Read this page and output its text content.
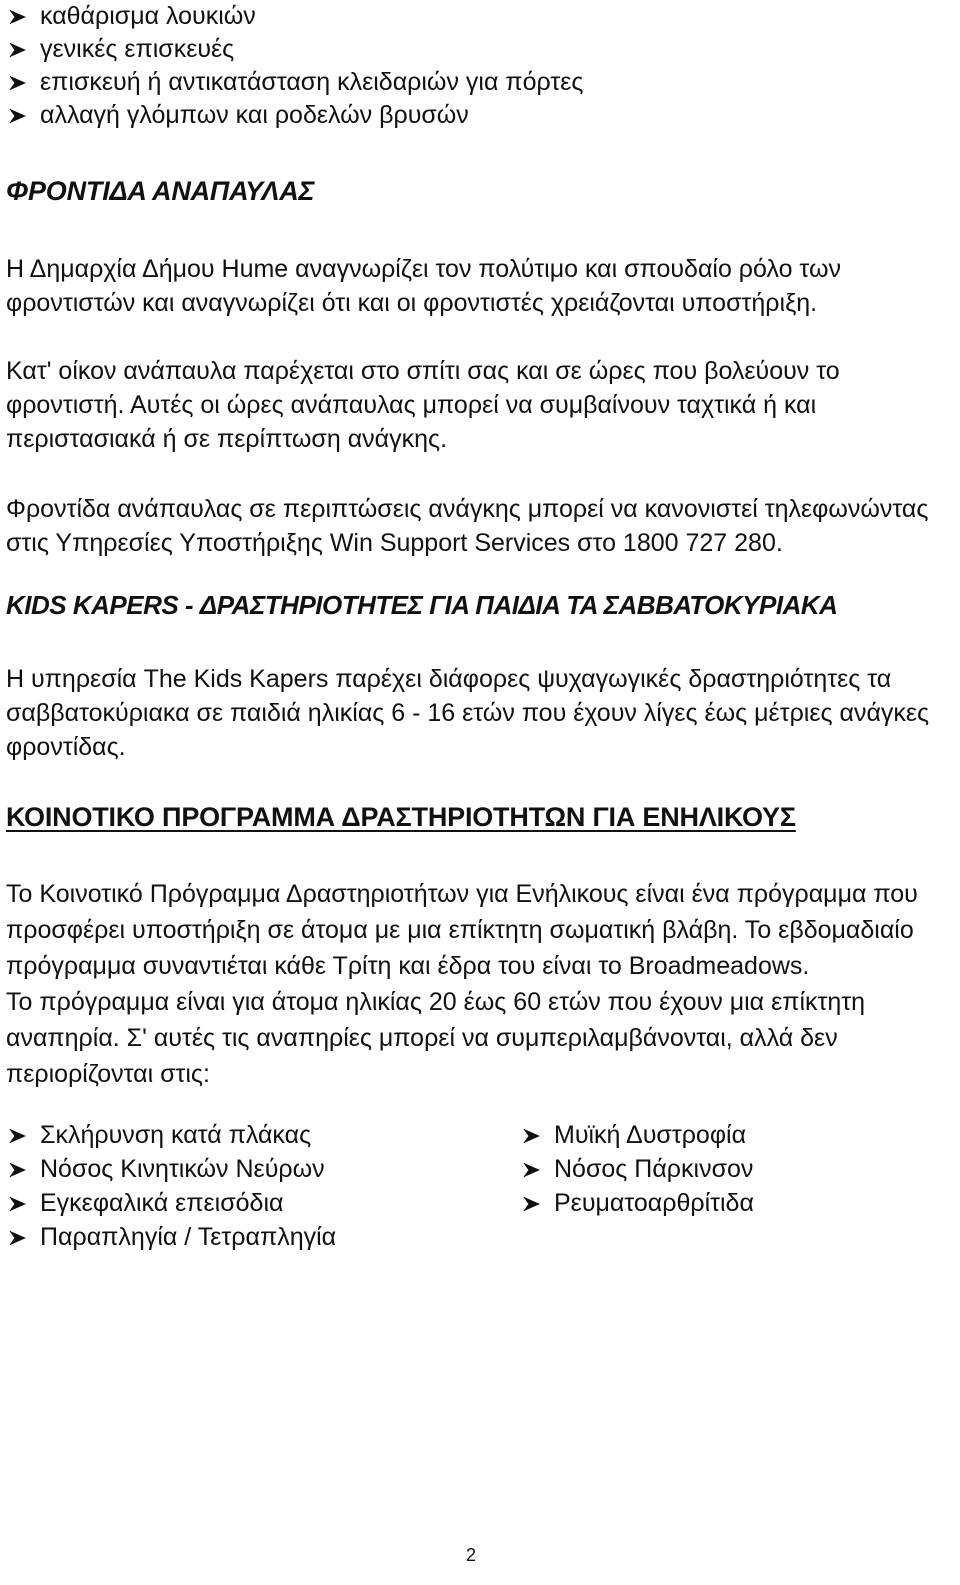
καθάρισμα λουκιών
γενικές επισκευές
επισκευή ή αντικατάσταση κλειδαριών για πόρτες
αλλαγή γλόμπων και ροδελών βρυσών
ΦΡΟΝΤΙΔΑ ΑΝΑΠΑΥΛΑΣ

Η Δημαρχία Δήμου Hume αναγνωρίζει τον πολύτιμο και σπουδαίο ρόλο των

φροντιστών και αναγνωρίζει ότι και οι φροντιστές χρειάζονται υποστήριξη.

Κατ' οίκον ανάπαυλα παρέχεται στο σπίτι σας και σε ώρες που βολεύουν το

φροντιστή. Αυτές οι ώρες ανάπαυλας μπορεί να συμβαίνουν ταχτικά ή και

περιστασιακά ή σε περίπτωση ανάγκης.

Φροντίδα ανάπαυλας σε περιπτώσεις ανάγκης μπορεί να κανονιστεί τηλεφωνώντας

στις Υπηρεσίες Υποστήριξης Win Support Services στο 1800 727 280.

KIDS KAPERS - ΔΡΑΣΤΗΡΙΟΤΗΤΕΣ ΓΙΑ ΠΑΙΔΙΑ ΤΑ ΣΑΒΒΑΤΟΚΥΡΙΑΚΑ

Η υπηρεσία The Kids Kapers παρέχει διάφορες ψυχαγωγικές δραστηριότητες τα

σαββατοκύριακα σε παιδιά ηλικίας 6 - 16 ετών που έχουν λίγες έως μέτριες ανάγκες

φροντίδας.

ΚΟΙΝΟΤΙΚΟ ΠΡΟΓΡΑΜΜΑ ΔΡΑΣΤΗΡΙΟΤΗΤΩΝ ΓΙΑ ΕΝΗΛΙΚΟΥΣ

Το Κοινοτικό Πρόγραμμα Δραστηριοτήτων για Ενήλικους είναι ένα πρόγραμμα που

προσφέρει υποστήριξη σε άτομα με μια επίκτητη σωματική βλάβη. Το εβδομαδιαίο

πρόγραμμα συναντιέται κάθε Τρίτη και έδρα του είναι το Broadmeadows.

Το πρόγραμμα είναι για άτομα ηλικίας 20 έως 60 ετών που έχουν μια επίκτητη

αναπηρία. Σ' αυτές τις αναπηρίες μπορεί να συμπεριλαμβάνονται, αλλά δεν

περιορίζονται στις:

Σκλήρυνση κατά πλάκας
Νόσος Κινητικών Νεύρων
Εγκεφαλικά επεισόδια
Παραπληγία / Τετραπληγία
Μυϊκή Δυστροφία
Νόσος Πάρκινσον
Ρευματοαρθρίτιδα
2
